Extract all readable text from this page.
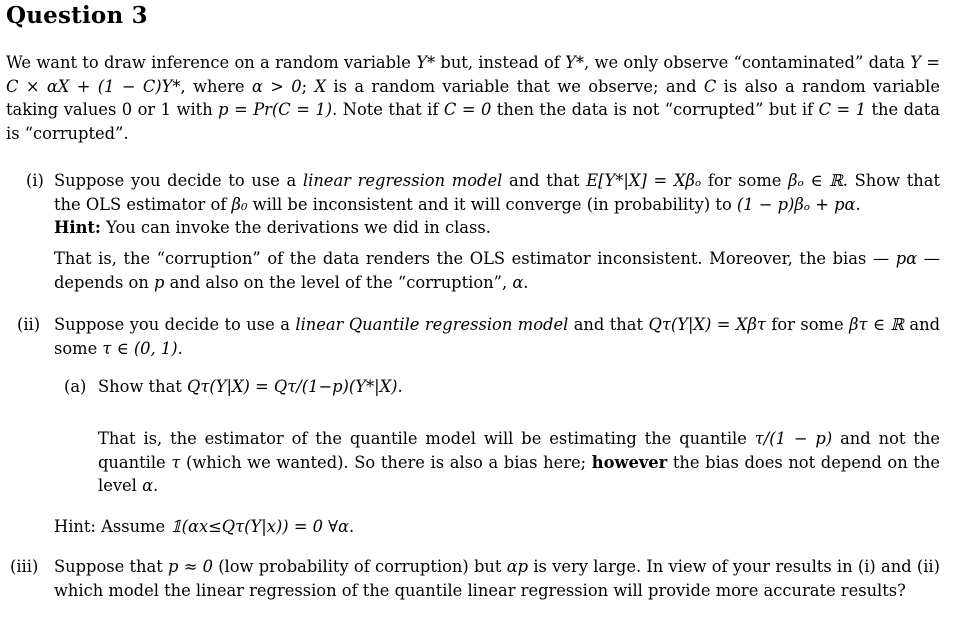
Question 3
We want to draw inference on a random variable Y* but, instead of Y*, we only observe “contaminated” data Y = C × αX + (1 − C)Y*, where α > 0; X is a random variable that we observe; and C is also a random variable taking values 0 or 1 with p = Pr(C = 1). Note that if C = 0 then the data is not “corrupted” but if C = 1 the data is “corrupted”.
(i) Suppose you decide to use a linear regression model and that E[Y*|X] = Xβₒ for some βₒ ∈ ℝ. Show that the OLS estimator of β₀ will be inconsistent and it will converge (in probability) to (1 − p)βₒ + pα.
Hint: You can invoke the derivations we did in class.
That is, the “corruption” of the data renders the OLS estimator inconsistent. Moreover, the bias — pα — depends on p and also on the level of the “corruption”, α.
(ii) Suppose you decide to use a linear Quantile regression model and that Qτ(Y|X) = Xβτ for some βτ ∈ ℝ and some τ ∈ (0, 1).
(a) Show that Qτ(Y|X) = Qτ/(1−p)(Y*|X).
That is, the estimator of the quantile model will be estimating the quantile τ/(1 − p) and not the quantile τ (which we wanted). So there is also a bias here; however the bias does not depend on the level α.
Hint: Assume 𝟙(αx≤Qτ(Y|x)) = 0 ∀α.
(iii) Suppose that p ≈ 0 (low probability of corruption) but αp is very large. In view of your results in (i) and (ii) which model the linear regression of the quantile linear regression will provide more accurate results?
